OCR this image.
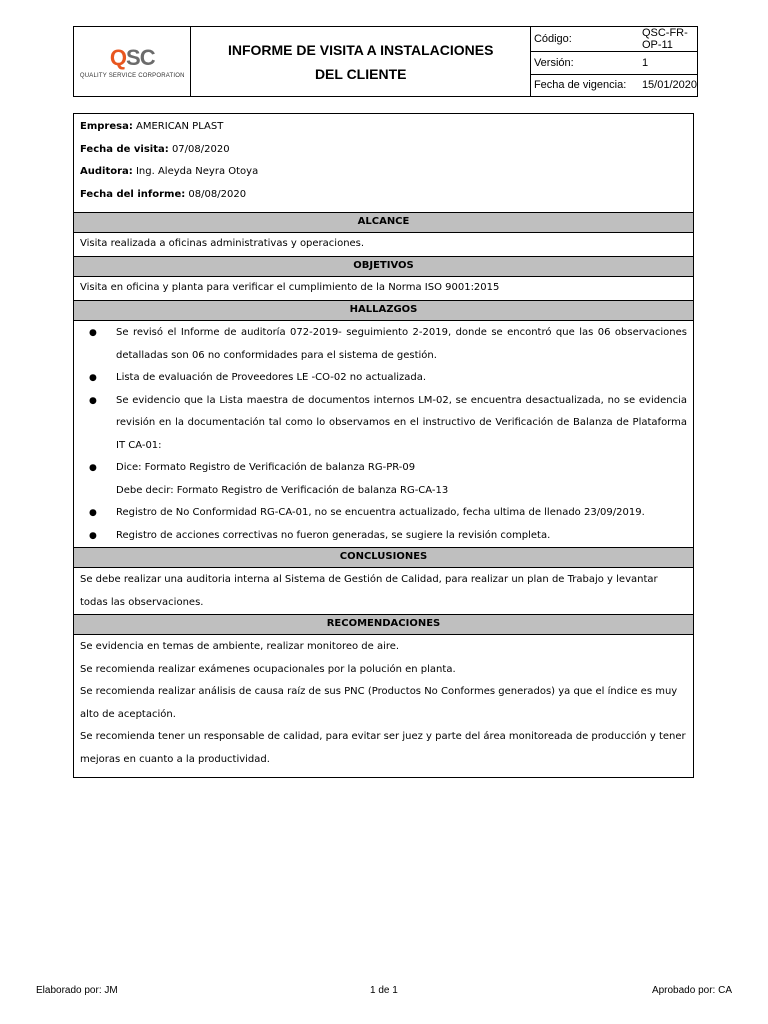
Q SC
QUALITY SERVICE CORPORATION
INFORME DE VISITA A INSTALACIONES
DEL CLIENTE
Código:	QSC-FR-OP-11
Versión:	1
Fecha de vigencia:	15/01/2020
Empresa: AMERICAN PLAST
Fecha de visita: 07/08/2020
Auditora: Ing. Aleyda Neyra Otoya
Fecha del informe: 08/08/2020
ALCANCE
Visita realizada a oficinas administrativas y operaciones.
OBJETIVOS
Visita en oficina y planta para verificar el cumplimiento de la Norma ISO 9001:2015
HALLAZGOS
● Se revisó el Informe de auditoría 072-2019- seguimiento 2-2019, donde se encontró que las 06 observaciones detalladas son 06 no conformidades para el sistema de gestión.
● Lista de evaluación de Proveedores LE -CO-02 no actualizada.
● Se evidencio que la Lista maestra de documentos internos LM-02, se encuentra desactualizada, no se evidencia revisión en la documentación tal como lo observamos en el instructivo de Verificación de Balanza de Plataforma IT CA-01:
● Dice: Formato Registro de Verificación de balanza RG-PR-09
Debe decir: Formato Registro de Verificación de balanza RG-CA-13
● Registro de No Conformidad RG-CA-01, no se encuentra actualizado, fecha ultima de llenado 23/09/2019.
● Registro de acciones correctivas no fueron generadas, se sugiere la revisión completa.
CONCLUSIONES
Se debe realizar una auditoria interna al Sistema de Gestión de Calidad, para realizar un plan de Trabajo y levantar todas las observaciones.
RECOMENDACIONES
Se evidencia en temas de ambiente, realizar monitoreo de aire.
Se recomienda realizar exámenes ocupacionales por la polución en planta.
Se recomienda realizar análisis de causa raíz de sus PNC (Productos No Conformes generados) ya que el índice es muy alto de aceptación.
Se recomienda tener un responsable de calidad, para evitar ser juez y parte del área monitoreada de producción y tener mejoras en cuanto a la productividad.
Elaborado por: JM	1 de 1	Aprobado por: CA
